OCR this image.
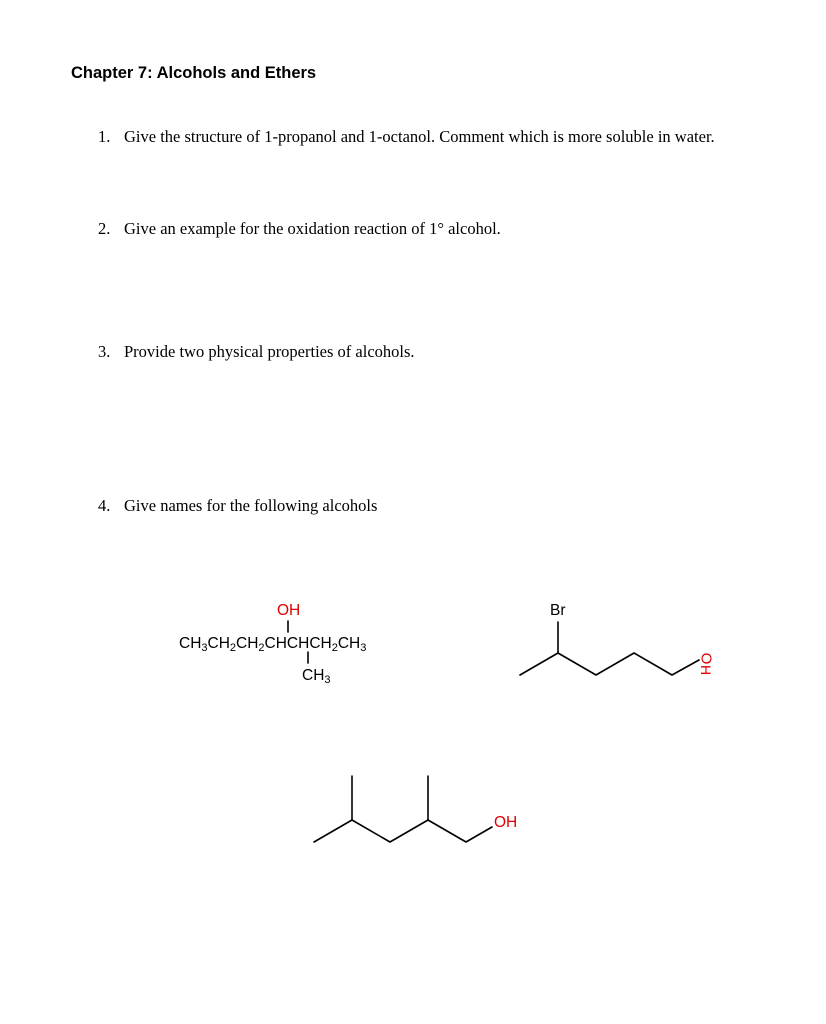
Chapter 7: Alcohols and Ethers
1. Give the structure of 1-propanol and 1-octanol. Comment which is more soluble in water.
2. Give an example for the oxidation reaction of 1° alcohol.
3. Provide two physical properties of alcohols.
4. Give names for the following alcohols
OH
$CH_3CH_2CH_2CHCHCH_2CH_3$
$CH_3$
Br
O
H
OH
